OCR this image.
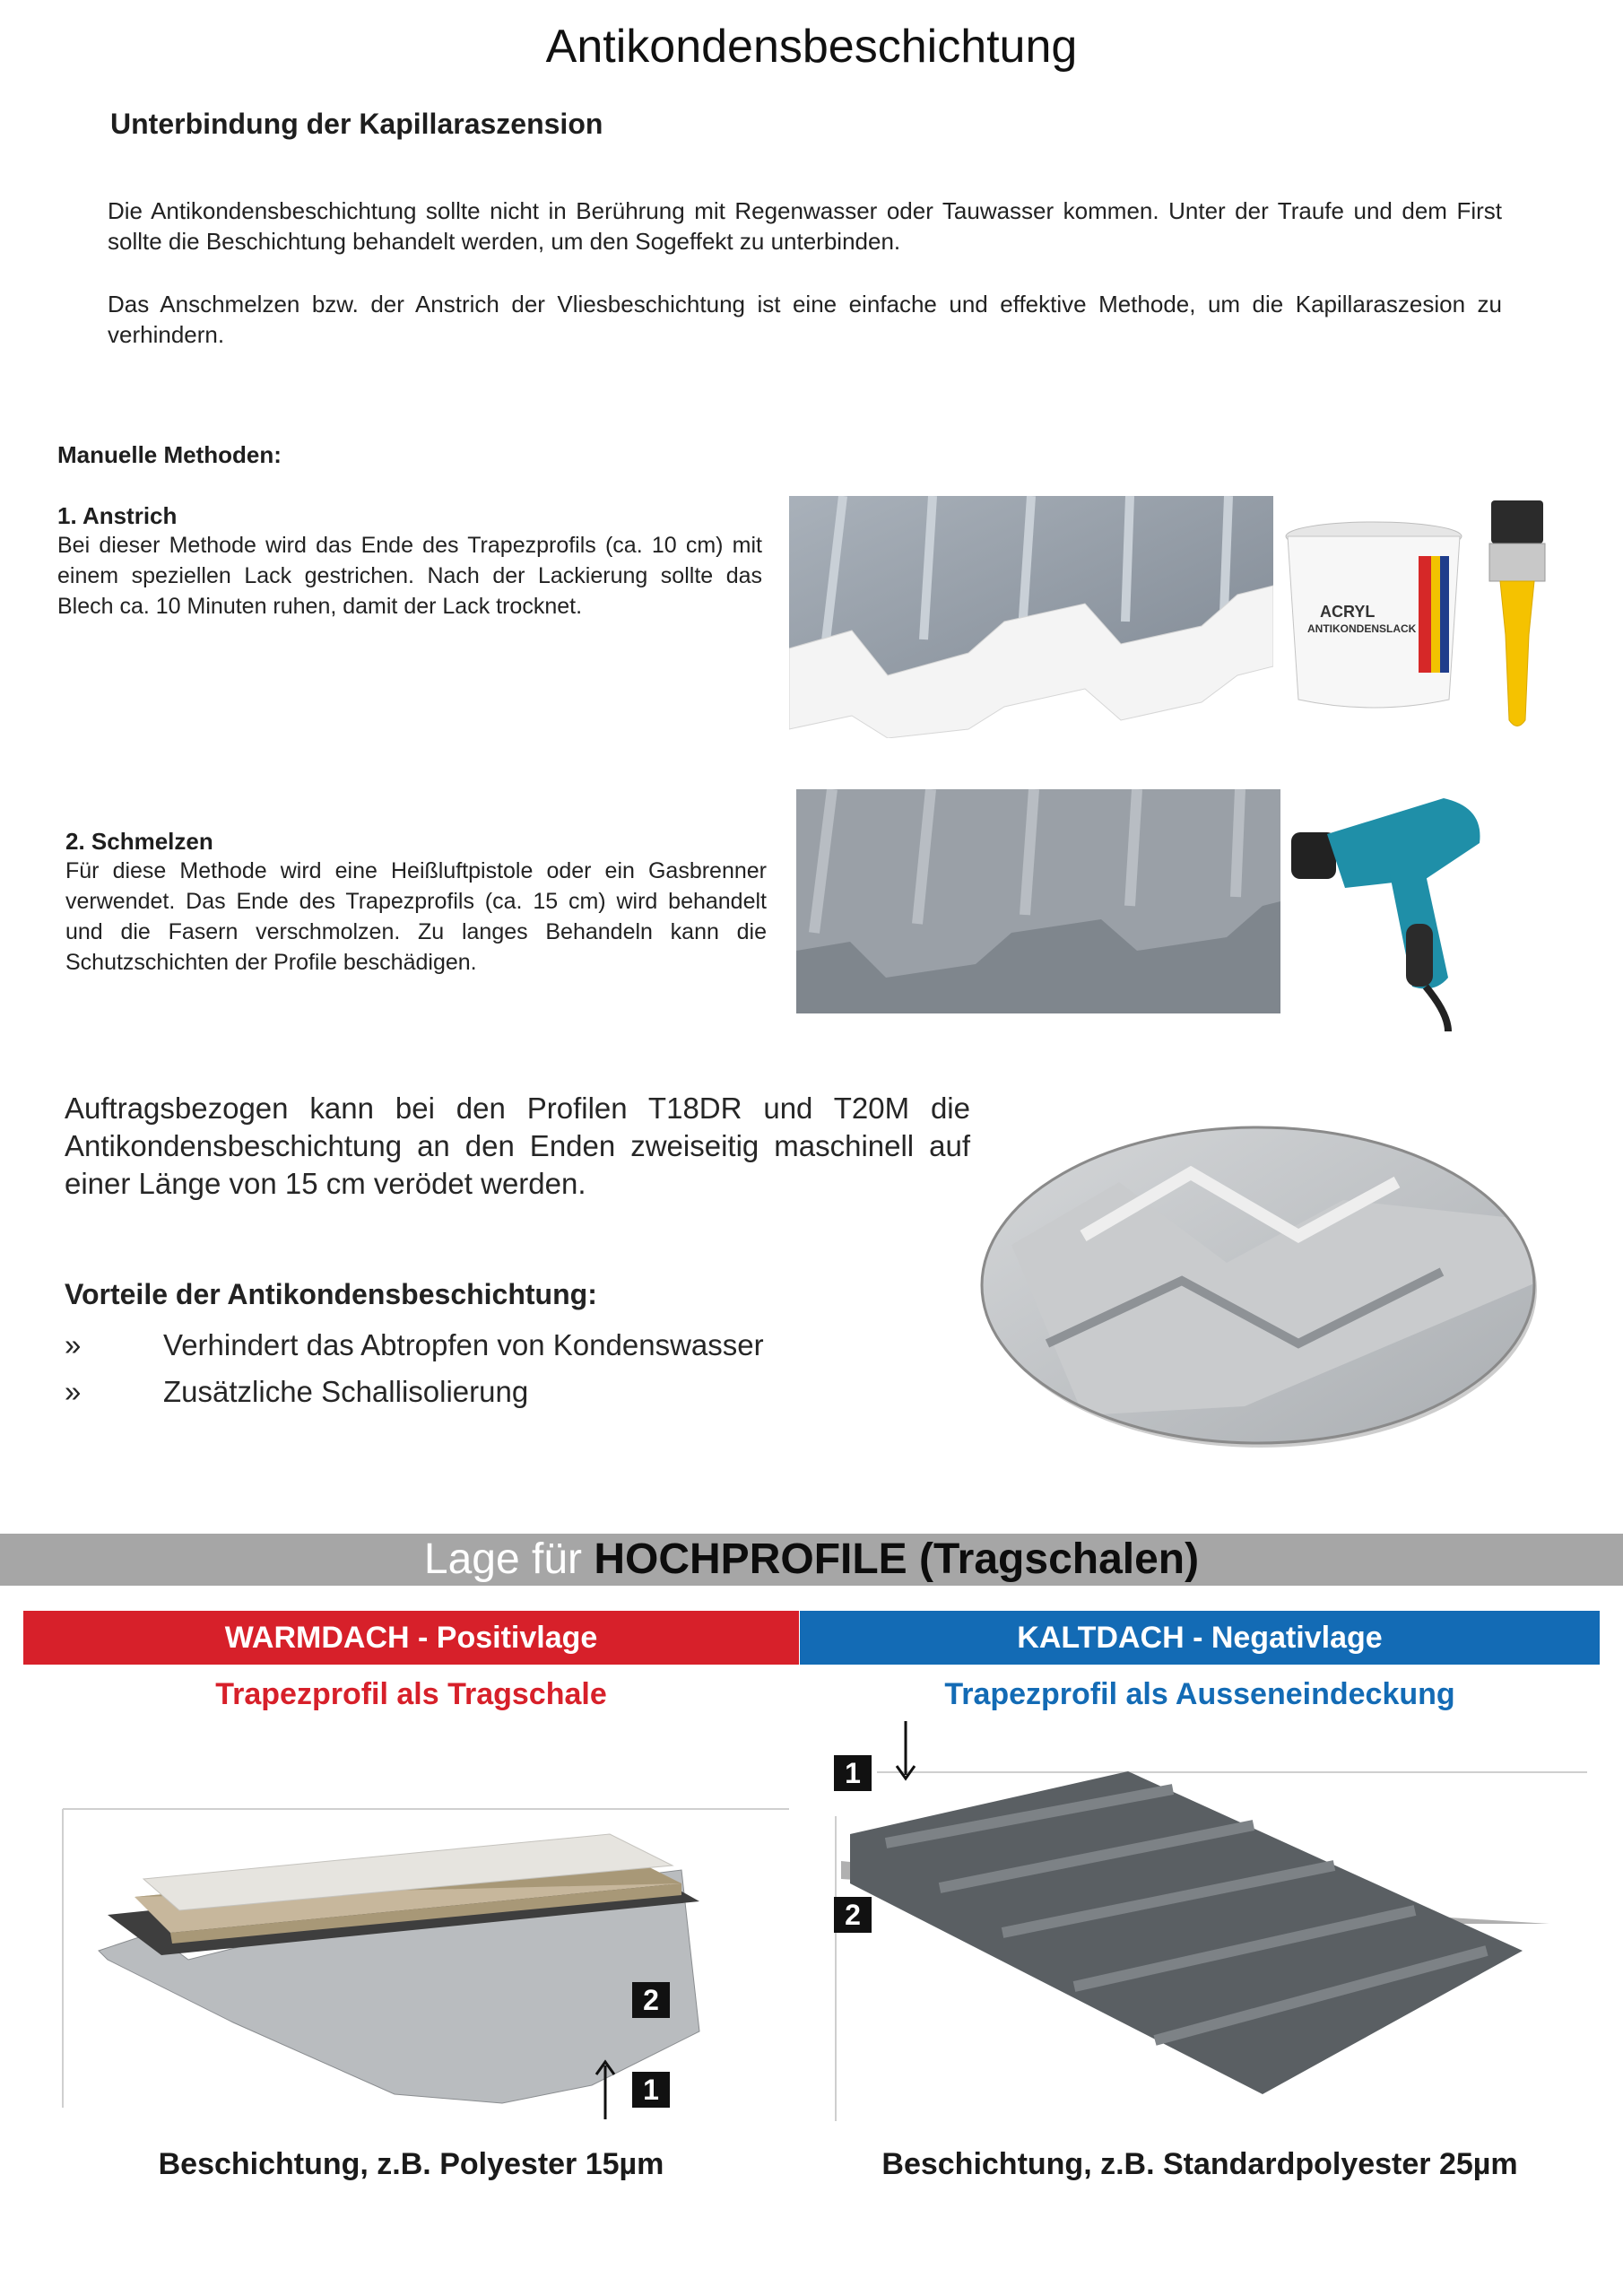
Antikondensbeschichtung
Unterbindung der Kapillaraszension
Die Antikondensbeschichtung sollte nicht in Berührung mit Regenwasser oder Tauwasser kommen. Unter der Traufe und dem First sollte die Beschichtung behandelt werden, um den Sogeffekt zu unterbinden.
Das Anschmelzen bzw. der Anstrich der Vliesbeschichtung ist eine einfache und effektive Methode, um die Kapillaraszesion zu verhindern.
Manuelle Methoden:
1. Anstrich
Bei dieser Methode wird das Ende des Trapezprofils (ca. 10 cm) mit einem speziellen Lack gestrichen. Nach der Lackierung sollte das Blech ca. 10 Minuten ruhen, damit der Lack trocknet.	ACRYL
ANTIKONDENSLACK
2. Schmelzen
Für diese Methode wird eine Heißluftpistole oder ein Gasbrenner verwendet. Das Ende des Trapezprofils (ca. 15 cm) wird behandelt und die Fasern verschmolzen. Zu langes Behandeln kann die Schutzschichten der Profile beschädigen.
Auftragsbezogen kann bei den Profilen T18DR und T20M die Antikondensbeschichtung an den Enden zweiseitig maschinell auf einer Länge von 15 cm verödet werden.
Vorteile der Antikondensbeschichtung:
»	Verhindert das Abtropfen von Kondenswasser
»	Zusätzliche Schallisolierung
Lage für HOCHPROFILE (Tragschalen)
WARMDACH - Positivlage	KALTDACH - Negativlage
Trapezprofil als Tragschale	Trapezprofil als Ausseneindeckung
2
1
1
2
Beschichtung, z.B. Polyester 15µm	Beschichtung, z.B. Standardpolyester 25µm
